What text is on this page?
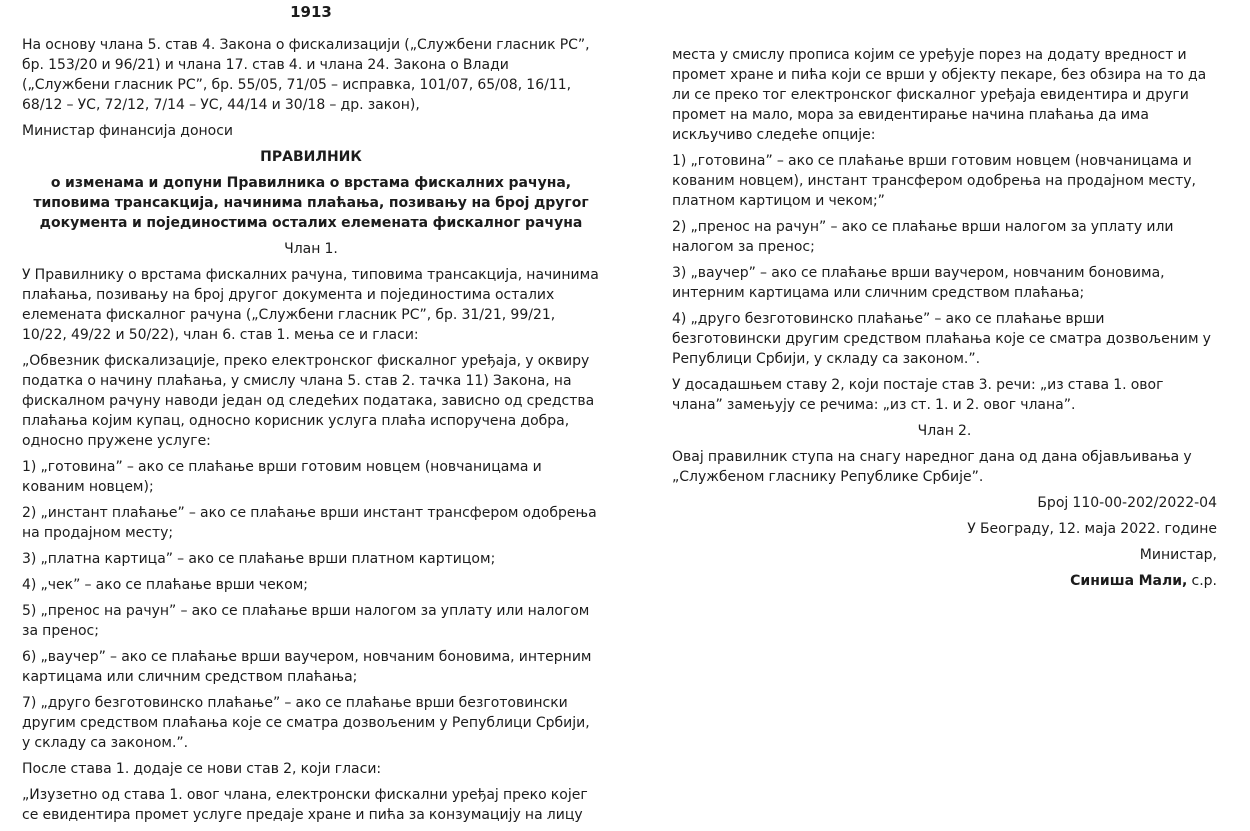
1913

На основу члана 5. став 4. Закона о фискализацији („Службени гласник РС”, бр. 153/20 и 96/21) и члана 17. став 4. и члана 24. Закона о Влади („Службени гласник РС”, бр. 55/05, 71/05 – исправка, 101/07, 65/08, 16/11, 68/12 – УС, 72/12, 7/14 – УС, 44/14 и 30/18 – др. закон),

Министар финансија доноси

ПРАВИЛНИК

о изменама и допуни Правилника о врстама фискалних рачуна, типовима трансакција, начинима плаћања, позивању на број другог документа и појединостима осталих елемената фискалног рачуна

Члан 1.

У Правилнику о врстама фискалних рачуна, типовима трансакција, начинима плаћања, позивању на број другог документа и појединостима осталих елемената фискалног рачуна („Службени гласник РС”, бр. 31/21, 99/21, 10/22, 49/22 и 50/22), члан 6. став 1. мења се и гласи:

„Обвезник фискализације, преко електронског фискалног уређаја, у оквиру податка о начину плаћања, у смислу члана 5. став 2. тачка 11) Закона, на фискалном рачуну наводи један од следећих података, зависно од средства плаћања којим купац, односно корисник услуга плаћа испоручена добра, односно пружене услуге:

1) „готовина” – ако се плаћање врши готовим новцем (новчаницама и кованим новцем);

2) „инстант плаћање” – ако се плаћање врши инстант трансфером одобрења на продајном месту;

3) „платна картица” – ако се плаћање врши платном картицом;

4) „чек” – ако се плаћање врши чеком;

5) „пренос на рачун” – ако се плаћање врши налогом за уплату или налогом за пренос;

6) „ваучер” – ако се плаћање врши ваучером, новчаним боновима, интерним картицама или сличним средством плаћања;

7) „друго безготовинско плаћање” – ако се плаћање врши безготовински другим средством плаћања које се сматра дозвољеним у Републици Србији, у складу са законом.”.

После става 1. додаје се нови став 2, који гласи:

„Изузетно од става 1. овог члана, електронски фискални уређај преко којег се евидентира промет услуге предаје хране и пића за конзумацију на лицу

места у смислу прописа којим се уређује порез на додату вредност и промет хране и пића који се врши у објекту пекаре, без обзира на то да ли се преко тог електронског фискалног уређаја евидентира и други промет на мало, мора за евидентирање начина плаћања да има искључиво следеће опције:

1) „готовина” – ако се плаћање врши готовим новцем (новчаницама и кованим новцем), инстант трансфером одобрења на продајном месту, платном картицом и чеком;”

2) „пренос на рачун” – ако се плаћање врши налогом за уплату или налогом за пренос;

3) „ваучер” – ако се плаћање врши ваучером, новчаним боновима, интерним картицама или сличним средством плаћања;

4) „друго безготовинско плаћање” – ако се плаћање врши безготовински другим средством плаћања које се сматра дозвољеним у Републици Србији, у складу са законом.”.

У досадашњем ставу 2, који постаје став 3. речи: „из става 1. овог члана” замењују се речима: „из ст. 1. и 2. овог члана”.

Члан 2.

Овај правилник ступа на снагу наредног дана од дана објављивања у „Службеном гласнику Републике Србије”.

Број 110-00-202/2022-04

У Београду, 12. маја 2022. године

Министар,

Синиша Мали, с.р.
